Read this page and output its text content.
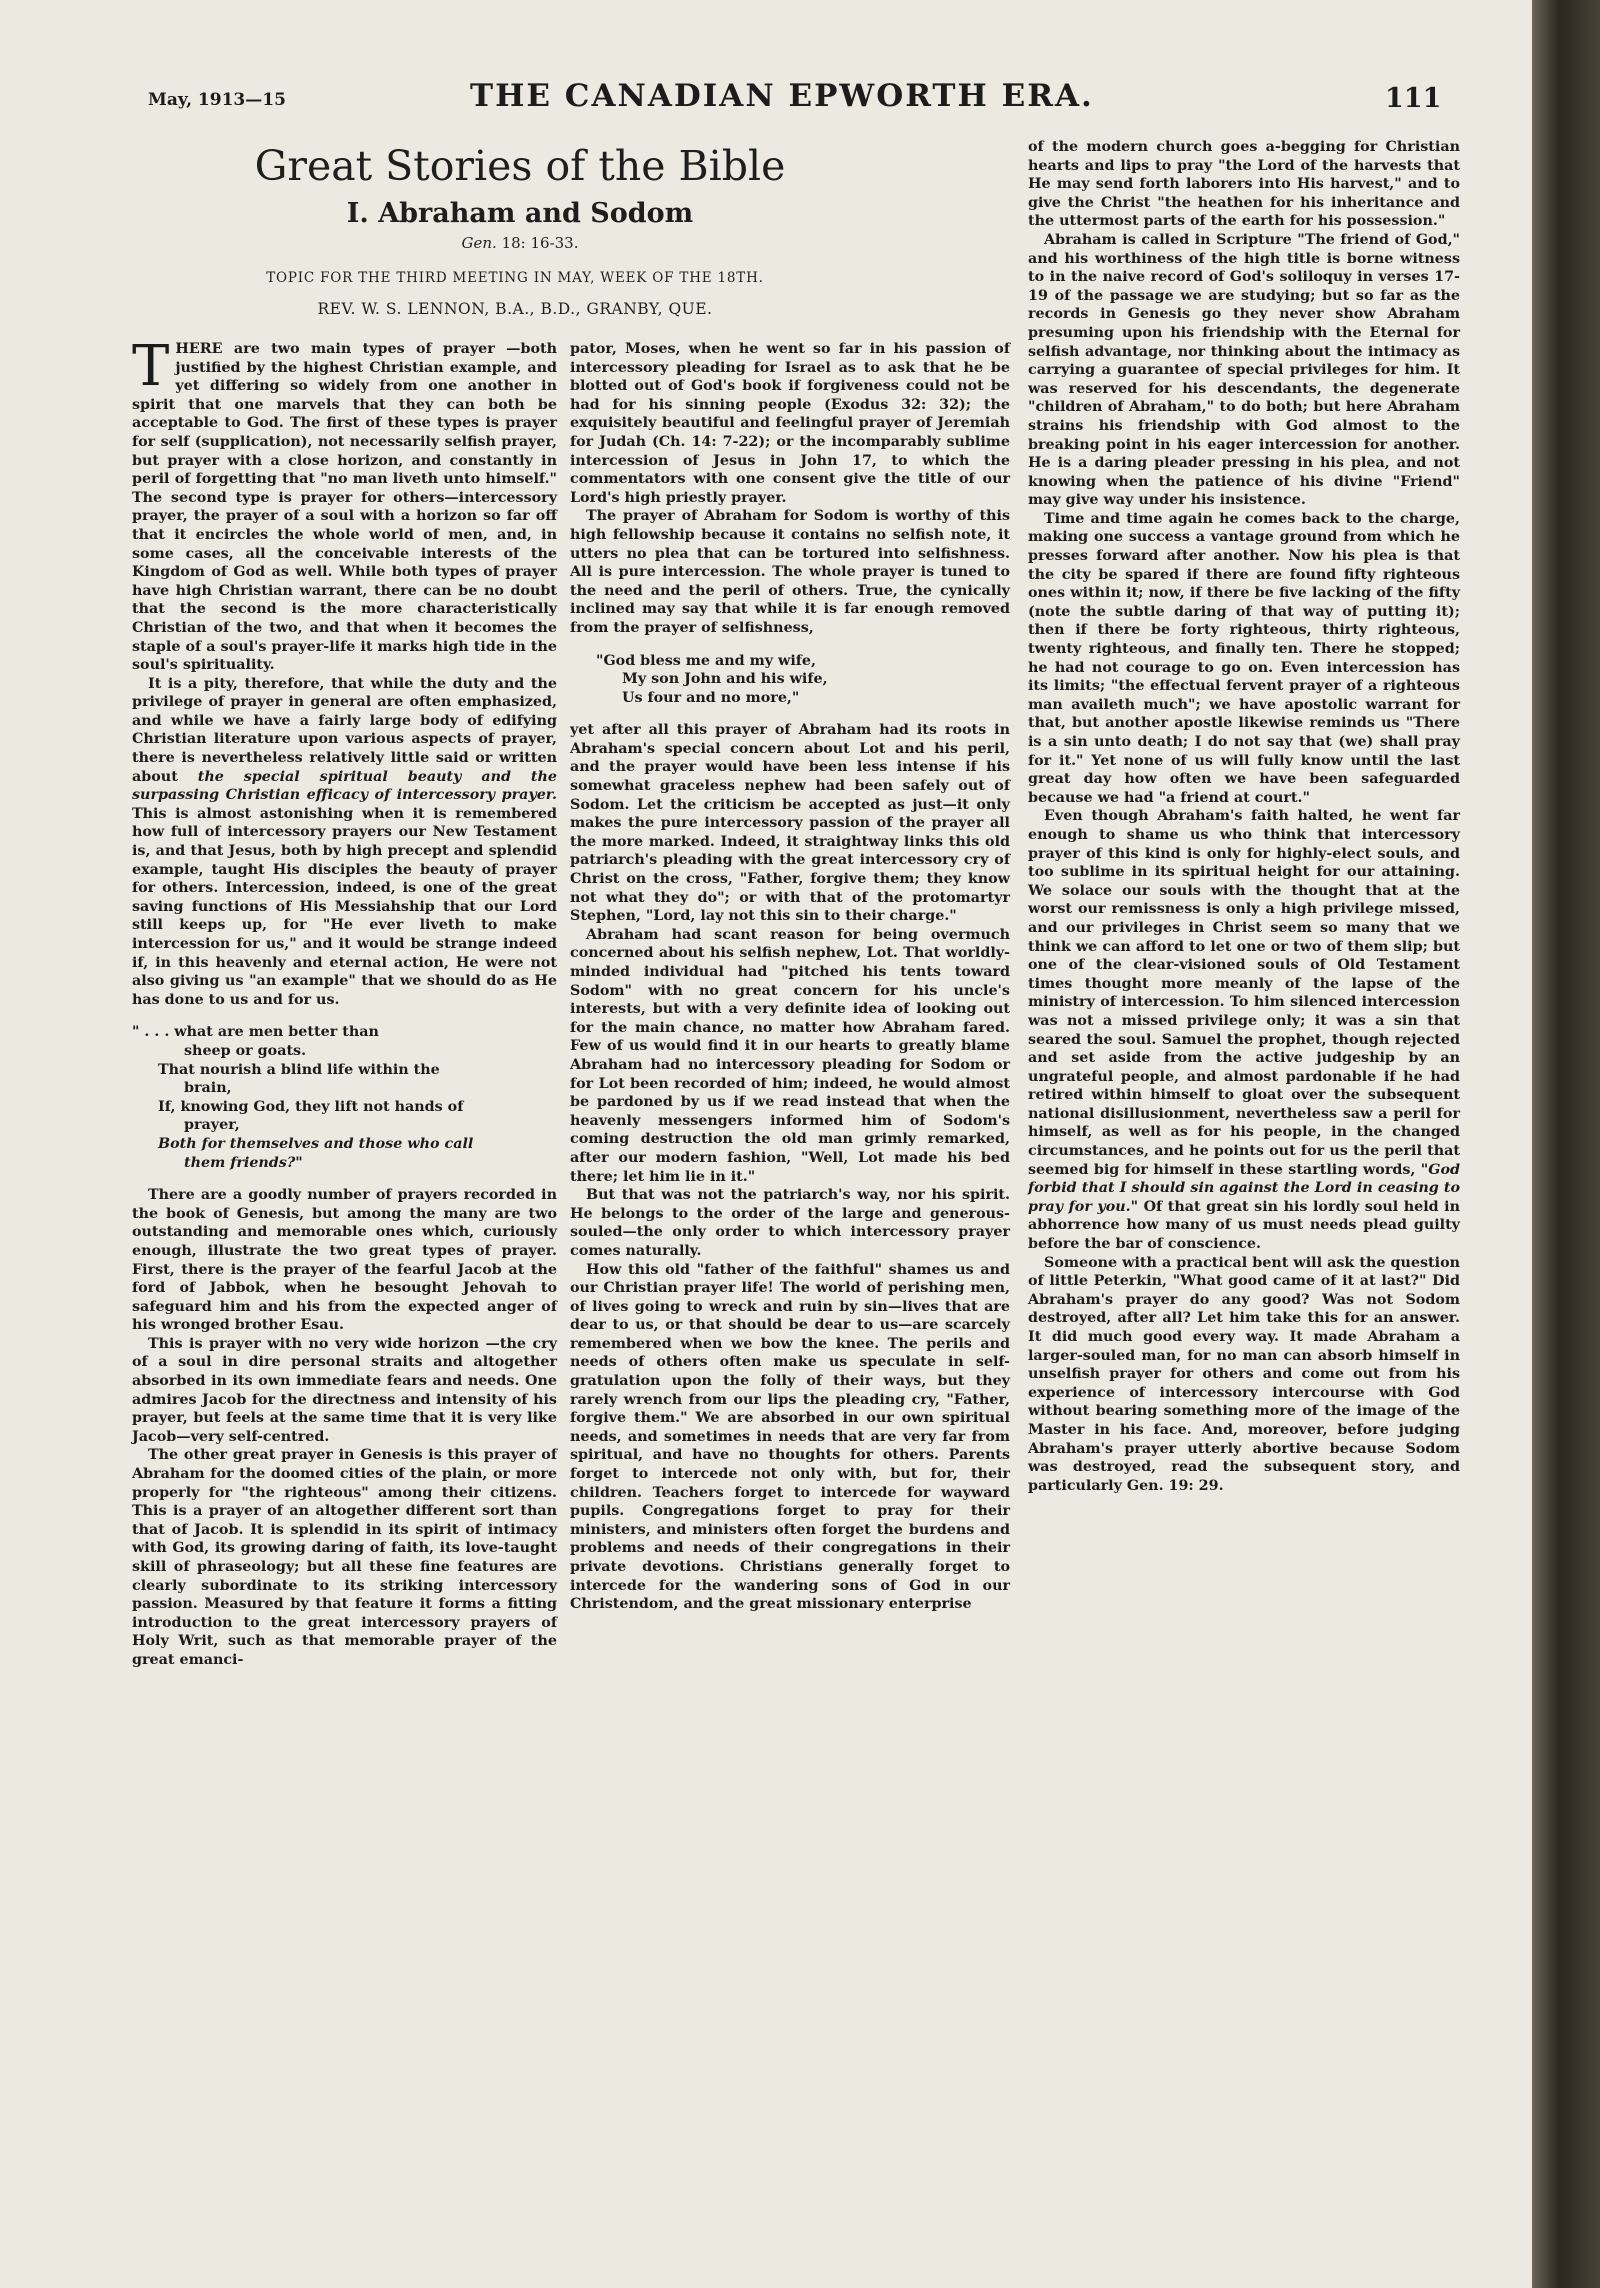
May, 1913—15	THE CANADIAN EPWORTH ERA.	111
Great Stories of the Bible
I. Abraham and Sodom
Gen. 18: 16-33.
TOPIC FOR THE THIRD MEETING IN MAY, WEEK OF THE 18TH.
REV. W. S. LENNON, B.A., B.D., GRANBY, QUE.

THERE are two main types of prayer —both justified by the highest Christian example, and yet differing so widely from one another in spirit that one marvels that they can both be acceptable to God. The first of these types is prayer for self (supplication), not necessarily selfish prayer, but prayer with a close horizon, and constantly in peril of forgetting that "no man liveth unto himself." The second type is prayer for others—intercessory prayer, the prayer of a soul with a horizon so far off that it encircles the whole world of men, and, in some cases, all the conceivable interests of the Kingdom of God as well. While both types of prayer have high Christian warrant, there can be no doubt that the second is the more characteristically Christian of the two, and that when it becomes the staple of a soul's prayer-life it marks high tide in the soul's spirituality.

It is a pity, therefore, that while the duty and the privilege of prayer in general are often emphasized, and while we have a fairly large body of edifying Christian literature upon various aspects of prayer, there is nevertheless relatively little said or written about the special spiritual beauty and the surpassing Christian efficacy of intercessory prayer. This is almost astonishing when it is remembered how full of intercessory prayers our New Testament is, and that Jesus, both by high precept and splendid example, taught His disciples the beauty of prayer for others. Intercession, indeed, is one of the great saving functions of His Messiahship that our Lord still keeps up, for "He ever liveth to make intercession for us," and it would be strange indeed if, in this heavenly and eternal action, He were not also giving us "an example" that we should do as He has done to us and for us.

" . . . what are men better than

sheep or goats.

That nourish a blind life within the

brain,

If, knowing God, they lift not hands of

prayer,

Both for themselves and those who call

them friends?"

There are a goodly number of prayers recorded in the book of Genesis, but among the many are two outstanding and memorable ones which, curiously enough, illustrate the two great types of prayer. First, there is the prayer of the fearful Jacob at the ford of Jabbok, when he besought Jehovah to safeguard him and his from the expected anger of his wronged brother Esau.

This is prayer with no very wide horizon —the cry of a soul in dire personal straits and altogether absorbed in its own immediate fears and needs. One admires Jacob for the directness and intensity of his prayer, but feels at the same time that it is very like Jacob—very self-centred.

The other great prayer in Genesis is this prayer of Abraham for the doomed cities of the plain, or more properly for "the righteous" among their citizens. This is a prayer of an altogether different sort than that of Jacob. It is splendid in its spirit of intimacy with God, its growing daring of faith, its love-taught skill of phraseology; but all these fine features are clearly subordinate to its striking intercessory passion. Measured by that feature it forms a fitting introduction to the great intercessory prayers of Holy Writ, such as that memorable prayer of the great emanci-

pator, Moses, when he went so far in his passion of intercessory pleading for Israel as to ask that he be blotted out of God's book if forgiveness could not be had for his sinning people (Exodus 32: 32); the exquisitely beautiful and feelingful prayer of Jeremiah for Judah (Ch. 14: 7-22); or the incomparably sublime intercession of Jesus in John 17, to which the commentators with one consent give the title of our Lord's high priestly prayer.

The prayer of Abraham for Sodom is worthy of this high fellowship because it contains no selfish note, it utters no plea that can be tortured into selfishness. All is pure intercession. The whole prayer is tuned to the need and the peril of others. True, the cynically inclined may say that while it is far enough removed from the prayer of selfishness,

"God bless me and my wife,

My son John and his wife,

Us four and no more,"

yet after all this prayer of Abraham had its roots in Abraham's special concern about Lot and his peril, and the prayer would have been less intense if his somewhat graceless nephew had been safely out of Sodom. Let the criticism be accepted as just—it only makes the pure intercessory passion of the prayer all the more marked. Indeed, it straightway links this old patriarch's pleading with the great intercessory cry of Christ on the cross, "Father, forgive them; they know not what they do"; or with that of the protomartyr Stephen, "Lord, lay not this sin to their charge."

Abraham had scant reason for being overmuch concerned about his selfish nephew, Lot. That worldly-minded individual had "pitched his tents toward Sodom" with no great concern for his uncle's interests, but with a very definite idea of looking out for the main chance, no matter how Abraham fared. Few of us would find it in our hearts to greatly blame Abraham had no intercessory pleading for Sodom or for Lot been recorded of him; indeed, he would almost be pardoned by us if we read instead that when the heavenly messengers informed him of Sodom's coming destruction the old man grimly remarked, after our modern fashion, "Well, Lot made his bed there; let him lie in it."

But that was not the patriarch's way, nor his spirit. He belongs to the order of the large and generous-souled—the only order to which intercessory prayer comes naturally.

How this old "father of the faithful" shames us and our Christian prayer life! The world of perishing men, of lives going to wreck and ruin by sin—lives that are dear to us, or that should be dear to us—are scarcely remembered when we bow the knee. The perils and needs of others often make us speculate in self-gratulation upon the folly of their ways, but they rarely wrench from our lips the pleading cry, "Father, forgive them." We are absorbed in our own spiritual needs, and sometimes in needs that are very far from spiritual, and have no thoughts for others. Parents forget to intercede not only with, but for, their children. Teachers forget to intercede for wayward pupils. Congregations forget to pray for their ministers, and ministers often forget the burdens and problems and needs of their congregations in their private devotions. Christians generally forget to intercede for the wandering sons of God in our Christendom, and the great missionary enterprise

of the modern church goes a-begging for Christian hearts and lips to pray "the Lord of the harvests that He may send forth laborers into His harvest," and to give the Christ "the heathen for his inheritance and the uttermost parts of the earth for his possession."

Abraham is called in Scripture "The friend of God," and his worthiness of the high title is borne witness to in the naive record of God's soliloquy in verses 17-19 of the passage we are studying; but so far as the records in Genesis go they never show Abraham presuming upon his friendship with the Eternal for selfish advantage, nor thinking about the intimacy as carrying a guarantee of special privileges for him. It was reserved for his descendants, the degenerate "children of Abraham," to do both; but here Abraham strains his friendship with God almost to the breaking point in his eager intercession for another. He is a daring pleader pressing in his plea, and not knowing when the patience of his divine "Friend" may give way under his insistence.

Time and time again he comes back to the charge, making one success a vantage ground from which he presses forward after another. Now his plea is that the city be spared if there are found fifty righteous ones within it; now, if there be five lacking of the fifty (note the subtle daring of that way of putting it); then if there be forty righteous, thirty righteous, twenty righteous, and finally ten. There he stopped; he had not courage to go on. Even intercession has its limits; "the effectual fervent prayer of a righteous man availeth much"; we have apostolic warrant for that, but another apostle likewise reminds us "There is a sin unto death; I do not say that (we) shall pray for it." Yet none of us will fully know until the last great day how often we have been safeguarded because we had "a friend at court."

Even though Abraham's faith halted, he went far enough to shame us who think that intercessory prayer of this kind is only for highly-elect souls, and too sublime in its spiritual height for our attaining. We solace our souls with the thought that at the worst our remissness is only a high privilege missed, and our privileges in Christ seem so many that we think we can afford to let one or two of them slip; but one of the clear-visioned souls of Old Testament times thought more meanly of the lapse of the ministry of intercession. To him silenced intercession was not a missed privilege only; it was a sin that seared the soul. Samuel the prophet, though rejected and set aside from the active judgeship by an ungrateful people, and almost pardonable if he had retired within himself to gloat over the subsequent national disillusionment, nevertheless saw a peril for himself, as well as for his people, in the changed circumstances, and he points out for us the peril that seemed big for himself in these startling words, "God forbid that I should sin against the Lord in ceasing to pray for you." Of that great sin his lordly soul held in abhorrence how many of us must needs plead guilty before the bar of conscience.

Someone with a practical bent will ask the question of little Peterkin, "What good came of it at last?" Did Abraham's prayer do any good? Was not Sodom destroyed, after all? Let him take this for an answer. It did much good every way. It made Abraham a larger-souled man, for no man can absorb himself in unselfish prayer for others and come out from his experience of intercessory intercourse with God without bearing something more of the image of the Master in his face. And, moreover, before judging Abraham's prayer utterly abortive because Sodom was destroyed, read the subsequent story, and particularly Gen. 19: 29.
